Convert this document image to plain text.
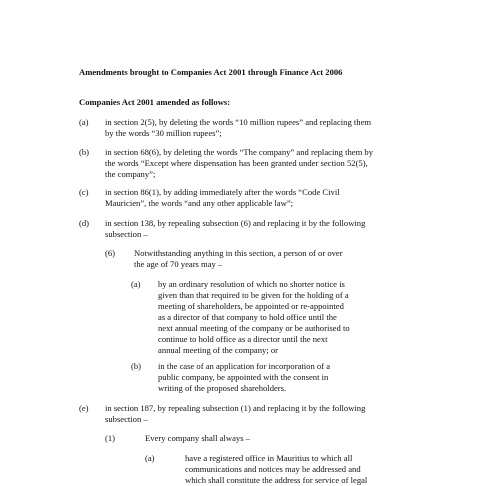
Amendments brought to Companies Act 2001 through Finance Act 2006
Companies Act 2001 amended as follows:
(a) in section 2(5), by deleting the words “10 million rupees” and replacing them
by the words “30 million rupees”;
(b) in section 68(6), by deleting the words “The company” and replacing them by
the words “Except where dispensation has been granted under section 52(5),
the company”;
(c) in section 86(1), by adding immediately after the words “Code Civil
Mauricien”, the words “and any other applicable law”;
(d) in section 138, by repealing subsection (6) and replacing it by the following
subsection –
(6) Notwithstanding anything in this section, a person of or over
the age of 70 years may –
(a) by an ordinary resolution of which no shorter notice is
given than that required to be given for the holding of a
meeting of shareholders, be appointed or re-appointed
as a director of that company to hold office until the
next annual meeting of the company or be authorised to
continue to hold office as a director until the next
annual meeting of the company; or
(b) in the case of an application for incorporation of a
public company, be appointed with the consent in
writing of the proposed shareholders.
(e) in section 187, by repealing subsection (1) and replacing it by the following
subsection –
(1)	Every company shall always –
(a)	have a registered office in Mauritius to which all
communications and notices may be addressed and
which shall constitute the address for service of legal
